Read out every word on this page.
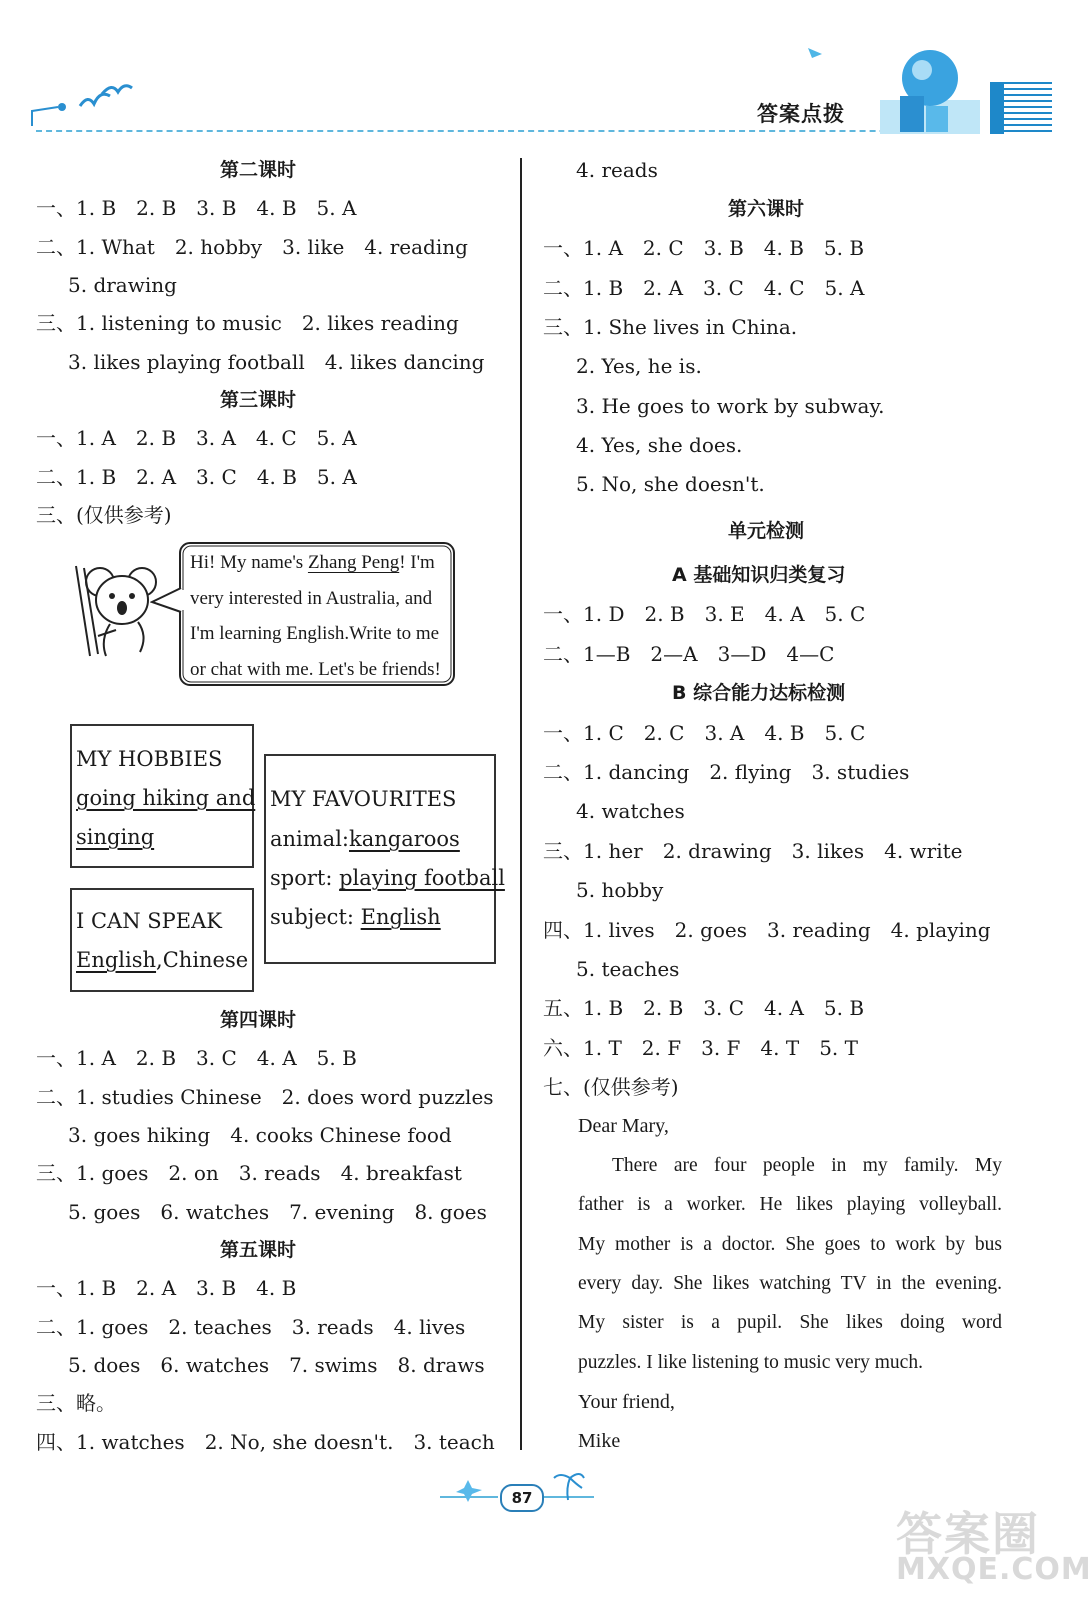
答案点拨
第二课时
一、1. B　2. B　3. B　4. B　5. A
二、1. What　2. hobby　3. like　4. reading
5. drawing
三、1. listening to music　2. likes reading
3. likes playing football　4. likes dancing
第三课时
一、1. A　2. B　3. A　4. C　5. A
二、1. B　2. A　3. C　4. B　5. A
三、(仅供参考)
Hi! My name's Zhang Peng! I'm
very interested in Australia, and
I'm learning English.Write to me
or chat with me. Let's be friends!
MY HOBBIES
going hiking and
singing
I CAN SPEAK
English,Chinese
MY FAVOURITES
animal:kangaroos
sport: playing football
subject: English
第四课时
一、1. A　2. B　3. C　4. A　5. B
二、1. studies Chinese　2. does word puzzles
3. goes hiking　4. cooks Chinese food
三、1. goes　2. on　3. reads　4. breakfast
5. goes　6. watches　7. evening　8. goes
第五课时
一、1. B　2. A　3. B　4. B
二、1. goes　2. teaches　3. reads　4. lives
5. does　6. watches　7. swims　8. draws
三、略。
四、1. watches　2. No, she doesn't.　3. teach
4. reads
第六课时
一、1. A　2. C　3. B　4. B　5. B
二、1. B　2. A　3. C　4. C　5. A
三、1. She lives in China.
2. Yes, he is.
3. He goes to work by subway.
4. Yes, she does.
5. No, she doesn't.
单元检测
A 基础知识归类复习
一、1. D　2. B　3. E　4. A　5. C
二、1—B　2—A　3—D　4—C
B 综合能力达标检测
一、1. C　2. C　3. A　4. B　5. C
二、1. dancing　2. flying　3. studies
4. watches
三、1. her　2. drawing　3. likes　4. write
5. hobby
四、1. lives　2. goes　3. reading　4. playing
5. teaches
五、1. B　2. B　3. C　4. A　5. B
六、1. T　2. F　3. F　4. T　5. T
七、(仅供参考)
Dear Mary,
There are four people in my family. My
father is a worker. He likes playing volleyball.
My mother is a doctor. She goes to work by bus
every day. She likes watching TV in the evening.
My sister is a pupil. She likes doing word
puzzles. I like listening to music very much.
Your friend,
Mike
87
答案圈
MXQE.COM
